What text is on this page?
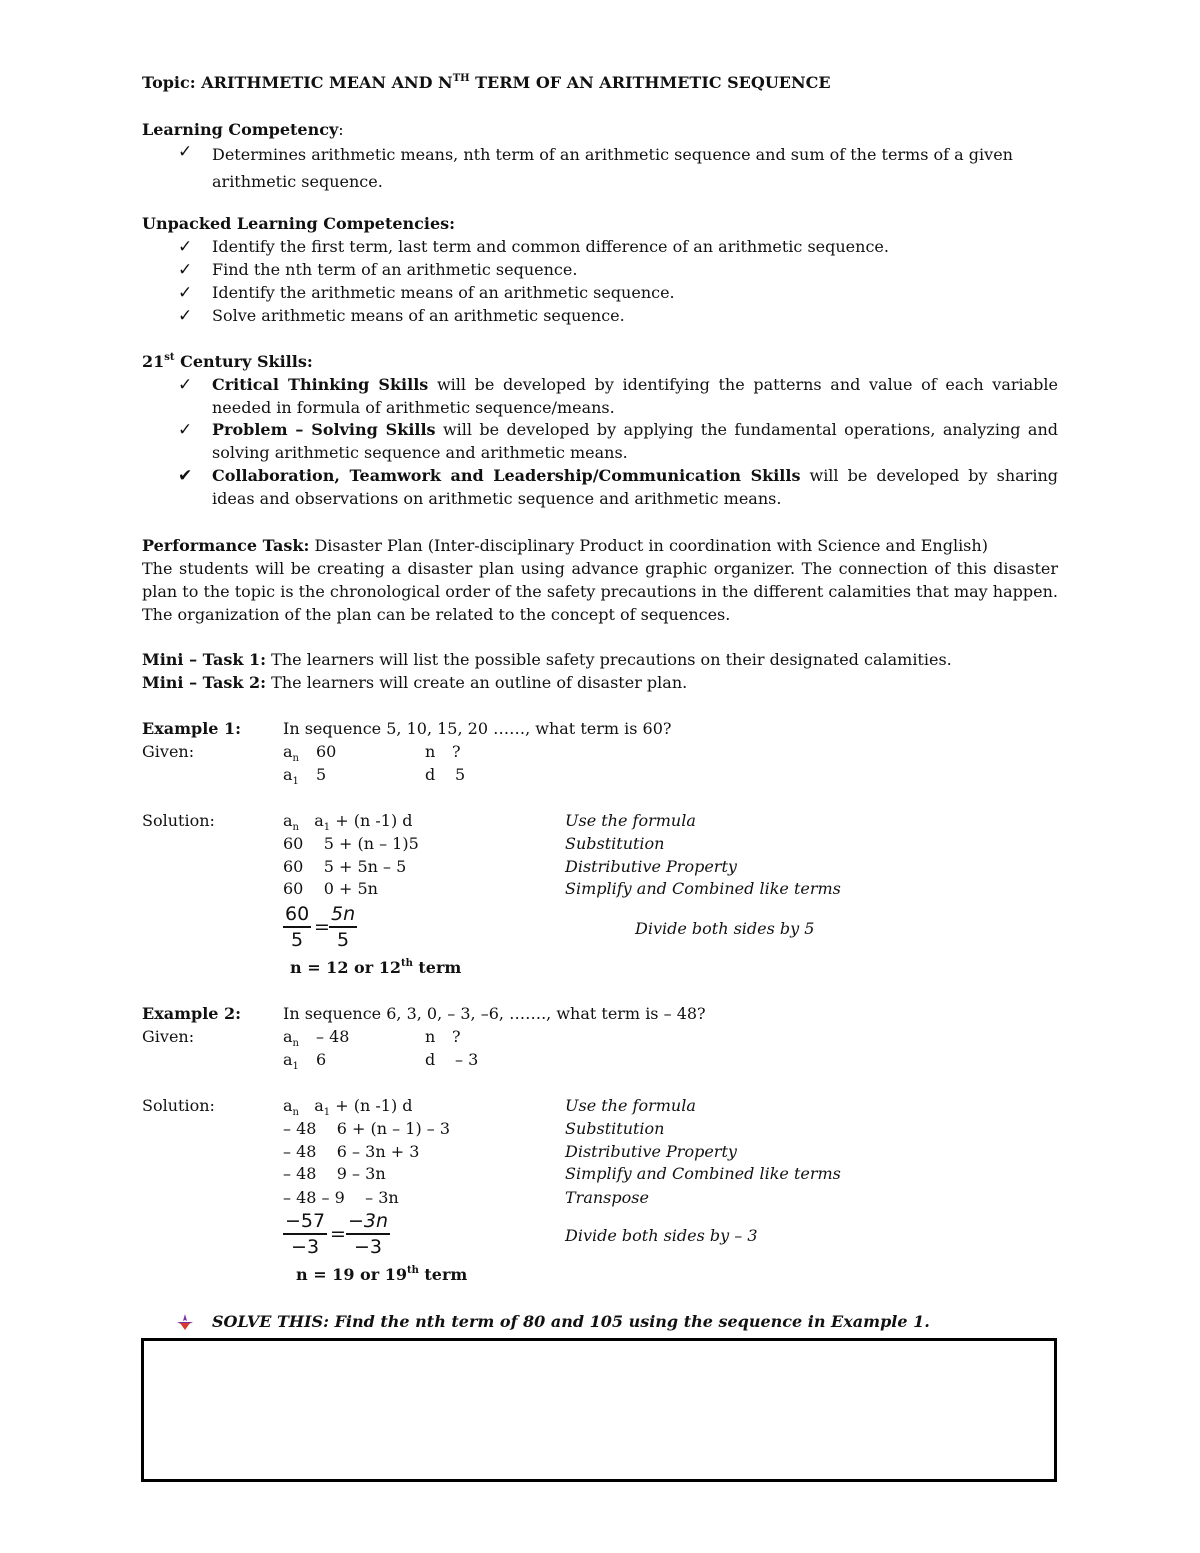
Topic: ARITHMETIC MEAN AND $N^{TH}$ TERM OF AN ARITHMETIC SEQUENCE
Learning Competency:
✓ Determines arithmetic means, nth term of an arithmetic sequence and sum of the terms of a given arithmetic sequence.
Unpacked Learning Competencies:
✓ Identify the first term, last term and common difference of an arithmetic sequence.
✓ Find the nth term of an arithmetic sequence.
✓ Identify the arithmetic means of an arithmetic sequence.
✓ Solve arithmetic means of an arithmetic sequence.
21st Century Skills:
✓ Critical Thinking Skills will be developed by identifying the patterns and value of each variable needed in formula of arithmetic sequence/means.
✓ Problem – Solving Skills will be developed by applying the fundamental operations, analyzing and solving arithmetic sequence and arithmetic means.
✔ Collaboration, Teamwork and Leadership/Communication Skills will be developed by sharing ideas and observations on arithmetic sequence and arithmetic means.
Performance Task: Disaster Plan (Inter-disciplinary Product in coordination with Science and English)
The students will be creating a disaster plan using advance graphic organizer. The connection of this disaster plan to the topic is the chronological order of the safety precautions in the different calamities that may happen. The organization of the plan can be related to the concept of sequences.
Mini – Task 1: The learners will list the possible safety precautions on their designated calamities.
Mini – Task 2: The learners will create an outline of disaster plan.
Example 1:	In sequence 5, 10, 15, 20 ……, what term is 60?
Given:	$a_n$ 60	n ?
$a_1$ 5	d 5
Solution:	$a_n$   $a_1 + (n$ -1) d	Use the formula
60    5 + (n – 1)5	Substitution
60    5 + 5n – 5	Distributive Property
60    0 + 5n	Simplify and Combined like terms
$\frac{60}{5} = \frac{5n}{5}$	Divide both sides by 5
n = 12 or 12th term
Example 2:	In sequence 6, 3, 0, – 3, –6, ……., what term is – 48?
Given:	$a_n - 48$	n ?
$a_1$ 6	d – 3
Solution:	$a_n$   $a_1 + (n$ -1) d	Use the formula
– 48    6 + (n – 1) – 3	Substitution
– 48    6 – 3n + 3	Distributive Property
– 48    9 – 3n	Simplify and Combined like terms
– 48 – 9    – 3n	Transpose
$\frac{-57}{-3} = \frac{-3n}{-3}$	Divide both sides by – 3
n = 19 or 19th term
SOLVE THIS: Find the nth term of 80 and 105 using the sequence in Example 1.
